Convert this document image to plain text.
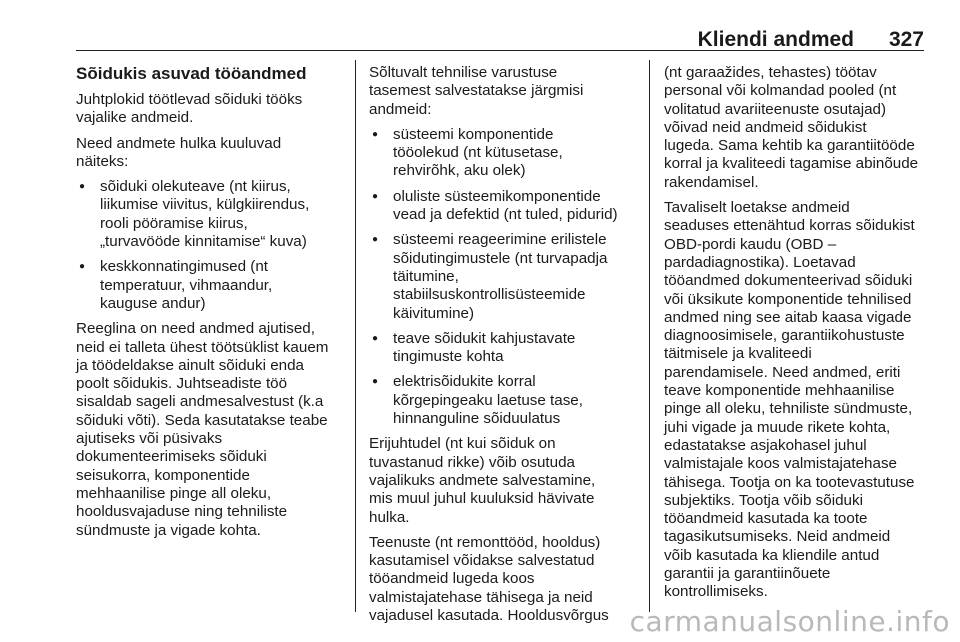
Kliendi andmed 327
Sõidukis asuvad tööandmed

Juhtplokid töötlevad sõiduki tööks
vajalike andmeid.

Need andmete hulka kuuluvad
näiteks:

● sõiduki olekuteave (nt kiirus,
liikumise viivitus, külgkiirendus,
rooli pööramise kiirus,
„turvavööde kinnitamise“ kuva)
● keskkonnatingimused (nt
temperatuur, vihmaandur,
kauguse andur)

Reeglina on need andmed ajutised,
neid ei talleta ühest töötsüklist kauem
ja töödeldakse ainult sõiduki enda
poolt sõidukis. Juhtseadiste töö
sisaldab sageli andmesalvestust (k.a
sõiduki võti). Seda kasutatakse teabe
ajutiseks või püsivaks
dokumenteerimiseks sõiduki
seisukorra, komponentide
mehhaanilise pinge all oleku,
hooldusvajaduse ning tehniliste
sündmuste ja vigade kohta.

Sõltuvalt tehnilise varustuse
tasemest salvestatakse järgmisi
andmeid:

● süsteemi komponentide
tööolekud (nt kütusetase,
rehvirõhk, aku olek)
● oluliste süsteemikomponentide
vead ja defektid (nt tuled, pidurid)
● süsteemi reageerimine erilistele
sõidutingimustele (nt turvapadja
täitumine,
stabiilsuskontrollisüsteemide
käivitumine)
● teave sõidukit kahjustavate
tingimuste kohta
● elektrisõidukite korral
kõrgepingeaku laetuse tase,
hinnanguline sõiduulatus

Erijuhtudel (nt kui sõiduk on
tuvastanud rikke) võib osutuda
vajalikuks andmete salvestamine,
mis muul juhul kuuluksid hävivate
hulka.

Teenuste (nt remonttööd, hooldus)
kasutamisel võidakse salvestatud
tööandmeid lugeda koos
valmistajatehase tähisega ja neid
vajadusel kasutada. Hooldusvõrgus

(nt garaažides, tehastes) töötav
personal või kolmandad pooled (nt
volitatud avariiteenuste osutajad)
võivad neid andmeid sõidukist
lugeda. Sama kehtib ka garantiitööde
korral ja kvaliteedi tagamise abinõude
rakendamisel.

Tavaliselt loetakse andmeid
seaduses ettenähtud korras sõidukist
OBD-pordi kaudu (OBD –
pardadiagnostika). Loetavad
tööandmed dokumenteerivad sõiduki
või üksikute komponentide tehnilised
andmed ning see aitab kaasa vigade
diagnoosimisele, garantiikohustuste
täitmisele ja kvaliteedi
parendamisele. Need andmed, eriti
teave komponentide mehhaanilise
pinge all oleku, tehniliste sündmuste,
juhi vigade ja muude rikete kohta,
edastatakse asjakohasel juhul
valmistajale koos valmistajatehase
tähisega. Tootja on ka tootevastutuse
subjektiks. Tootja võib sõiduki
tööandmeid kasutada ka toote
tagasikutsumiseks. Neid andmeid
võib kasutada ka kliendile antud
garantii ja garantiinõuete
kontrollimiseks.

carmanualsonline.info
